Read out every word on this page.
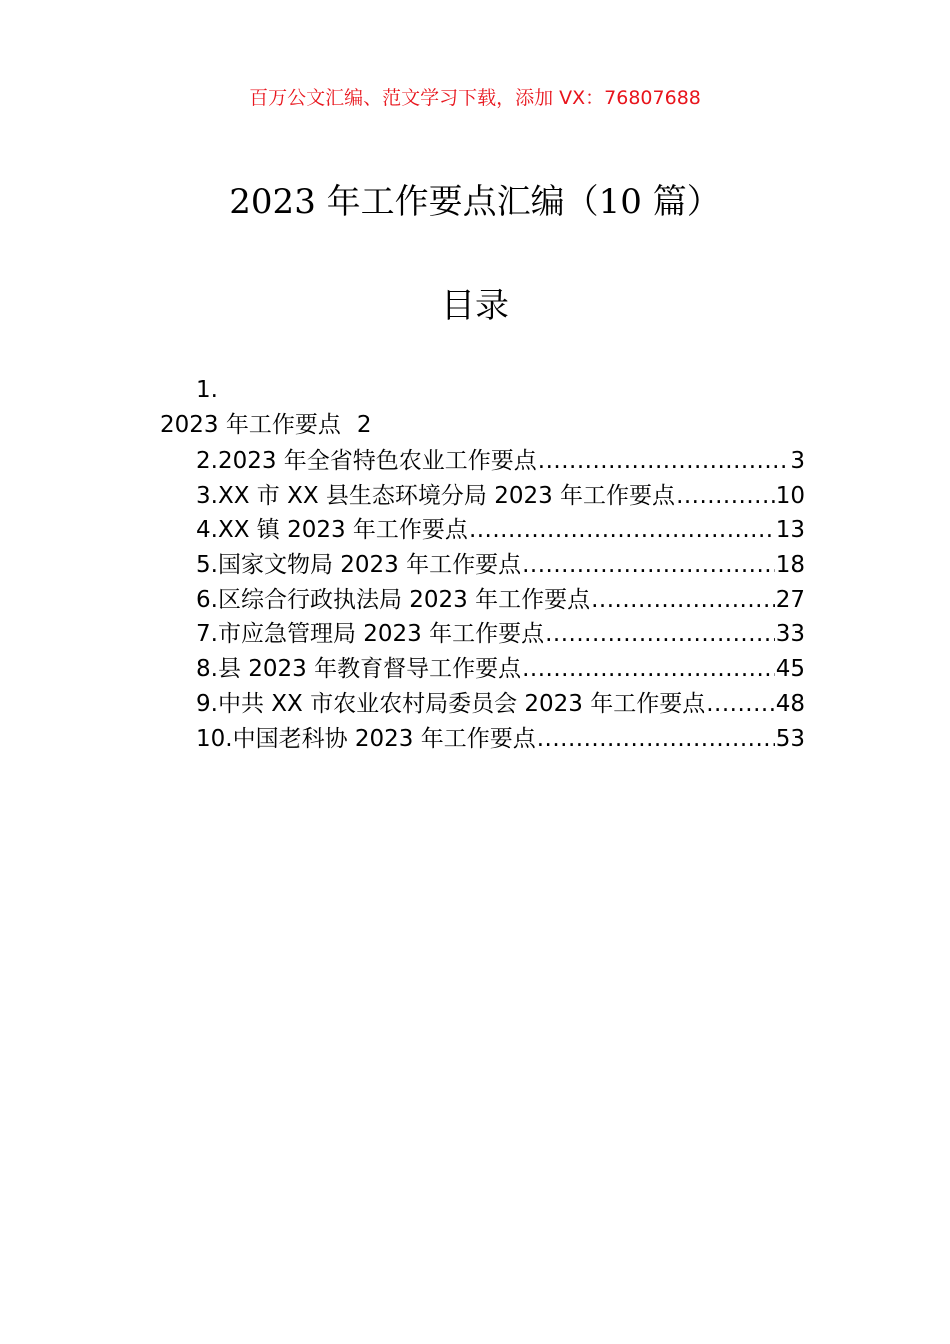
百万公文汇编、范文学习下载，添加 VX：76807688
2023 年工作要点汇编（10 篇）
目录
1.
2023 年工作要点 2
2.2023 年全省特色农业工作要点 .....	3
3.XX 市 XX 县生态环境分局 2023 年工作要点 .....	10
4.XX 镇 2023 年工作要点 .....	13
5.国家文物局 2023 年工作要点 .....	18
6.区综合行政执法局 2023 年工作要点 .....	27
7.市应急管理局 2023 年工作要点 .....	33
8.县 2023 年教育督导工作要点 .....	45
9.中共 XX 市农业农村局委员会 2023 年工作要点 .....	48
10.中国老科协 2023 年工作要点 .....	53
